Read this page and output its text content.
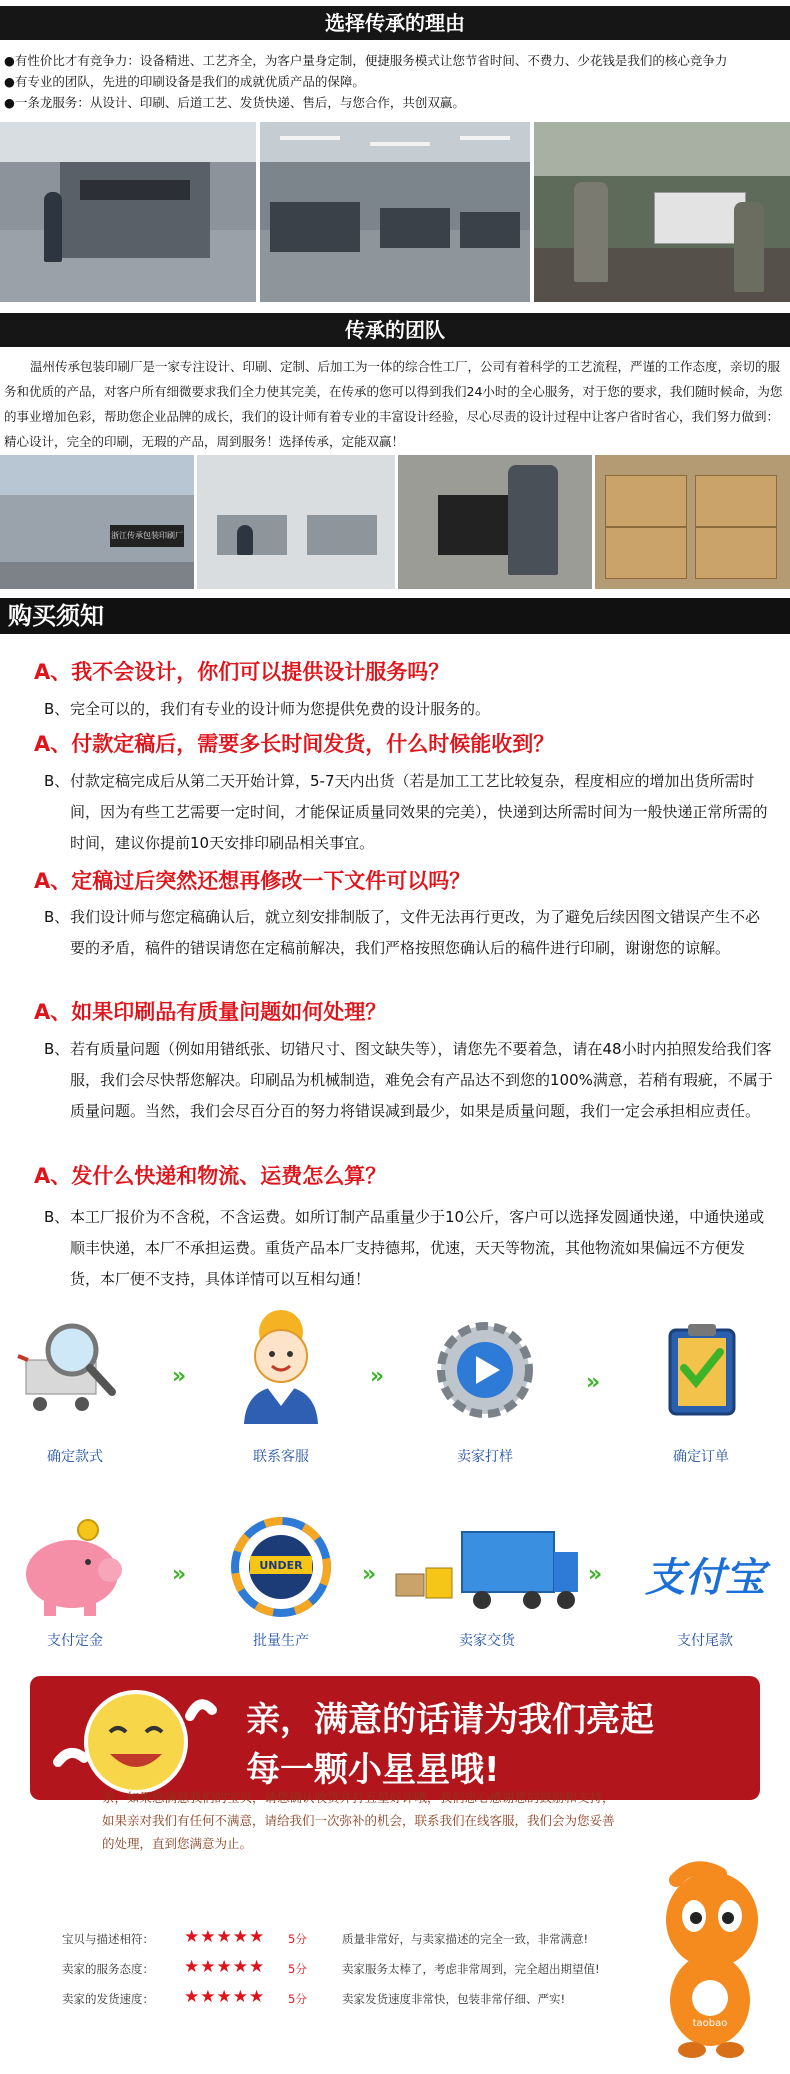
选择传承的理由
●有性价比才有竞争力：设备精进、工艺齐全，为客户量身定制，便捷服务模式让您节省时间、不费力、少花钱是我们的核心竞争力
●有专业的团队，先进的印刷设备是我们的成就优质产品的保障。
●一条龙服务：从设计、印刷、后道工艺、发货快递、售后，与您合作，共创双赢。
传承的团队
温州传承包装印刷厂是一家专注设计、印刷、定制、后加工为一体的综合性工厂，公司有着科学的工艺流程，严谨的工作态度，亲切的服务和优质的产品，对客户所有细微要求我们全力使其完美，在传承的您可以得到我们24小时的全心服务，对于您的要求，我们随时候命，为您的事业增加色彩，帮助您企业品牌的成长，我们的设计师有着专业的丰富设计经验，尽心尽责的设计过程中让客户省时省心，我们努力做到：精心设计，完全的印刷，无瑕的产品，周到服务！选择传承，定能双赢！
浙江传承包装印刷厂
购买须知
A、我不会设计，你们可以提供设计服务吗？
B、 完全可以的，我们有专业的设计师为您提供免费的设计服务的。
A、付款定稿后，需要多长时间发货，什么时候能收到？
B、 付款定稿完成后从第二天开始计算，5-7天内出货（若是加工工艺比较复杂，程度相应的增加出货所需时间，因为有些工艺需要一定时间，才能保证质量同效果的完美），快递到达所需时间为一般快递正常所需的时间，建议你提前10天安排印刷品相关事宜。
A、定稿过后突然还想再修改一下文件可以吗？
B、 我们设计师与您定稿确认后，就立刻安排制版了，文件无法再行更改，为了避免后续因图文错误产生不必要的矛盾，稿件的错误请您在定稿前解决，我们严格按照您确认后的稿件进行印刷，谢谢您的谅解。
A、如果印刷品有质量问题如何处理？
B、 若有质量问题（例如用错纸张、切错尺寸、图文缺失等），请您先不要着急，请在48小时内拍照发给我们客服，我们会尽快帮您解决。印刷品为机械制造，难免会有产品达不到您的100%满意，若稍有瑕疵，不属于质量问题。当然，我们会尽百分百的努力将错误减到最少，如果是质量问题，我们一定会承担相应责任。
A、发什么快递和物流、运费怎么算？
B、 本工厂报价为不含税，不含运费。如所订制产品重量少于10公斤，客户可以选择发圆通快递，中通快递或顺丰快递，本厂不承担运费。重货产品本厂支持德邦，优速，天天等物流，其他物流如果偏远不方便发货，本厂便不支持，具体详情可以互相勾通！
确定款式
»
联系客服
»
卖家打样
»
确定订单
支付定金
»	UNDER
批量生产
»
卖家交货
»	支付宝
支付尾款
亲，满意的话请为我们亮起
每一颗小星星哦!
亲，如果您满意我们的宝贝，请您确认收货并打五星好评哦，我们忠心感谢您的鼓励和支持，如果亲对我们有任何不满意，请给我们一次弥补的机会，联系我们在线客服，我们会为您妥善的处理，直到您满意为止。
taobao
宝贝与描述相符： ★★★★★ 5分	质量非常好，与卖家描述的完全一致，非常满意!
卖家的服务态度： ★★★★★ 5分	卖家服务太棒了，考虑非常周到，完全超出期望值!
卖家的发货速度： ★★★★★ 5分	卖家发货速度非常快，包装非常仔细、严实!
